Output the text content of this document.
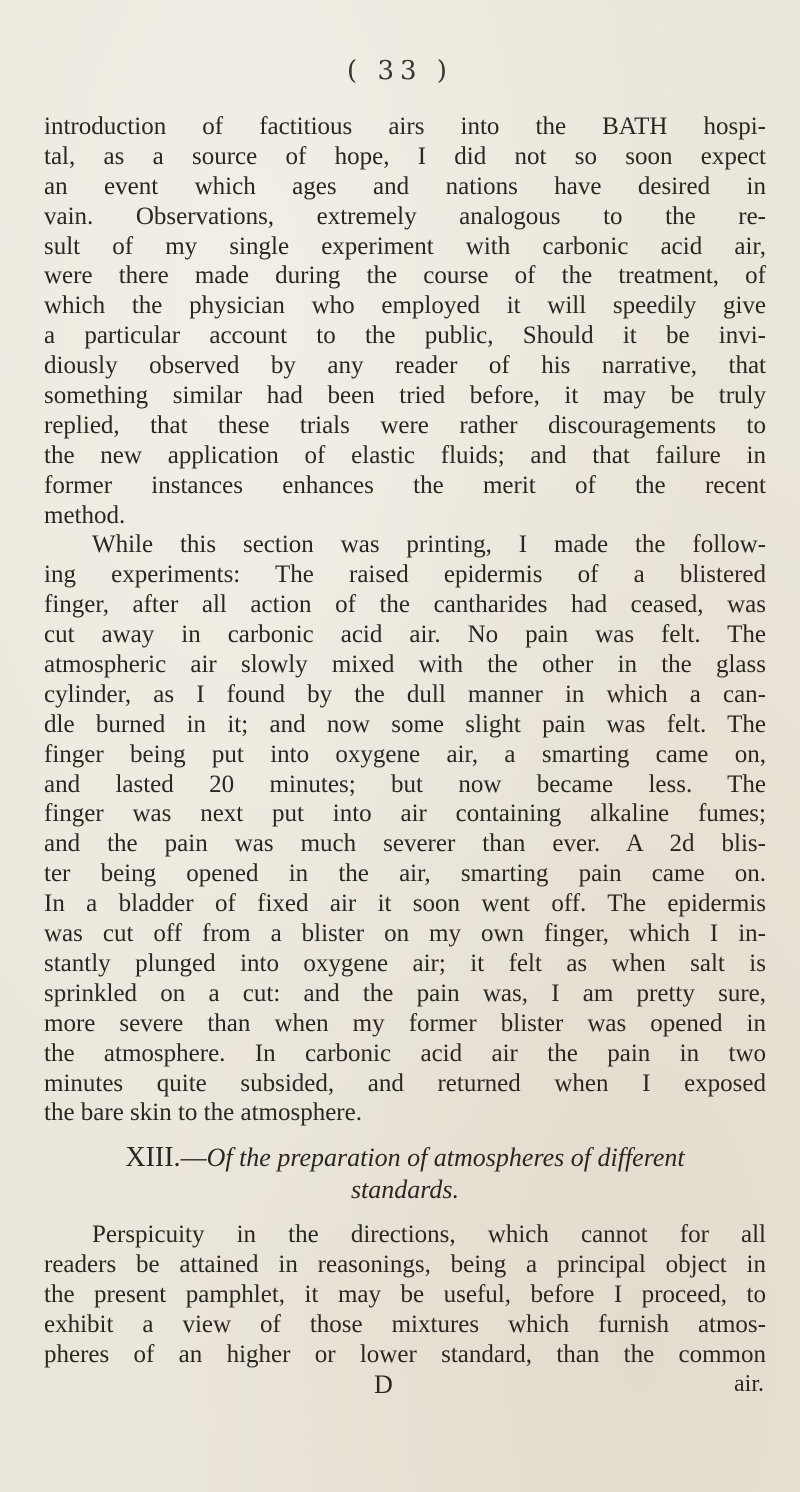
( 33 )
introduction of factitious airs into the BATH hospi-
tal, as a source of hope, I did not so soon expect
an event which ages and nations have desired in
vain. Observations, extremely analogous to the re-
sult of my single experiment with carbonic acid air,
were there made during the course of the treatment, of
which the physician who employed it will speedily give
a particular account to the public, Should it be invi-
diously observed by any reader of his narrative, that
something similar had been tried before, it may be truly
replied, that these trials were rather discouragements to
the new application of elastic fluids; and that failure in
former instances enhances the merit of the recent
method.
While this section was printing, I made the follow-
ing experiments: The raised epidermis of a blistered
finger, after all action of the cantharides had ceased, was
cut away in carbonic acid air. No pain was felt. The
atmospheric air slowly mixed with the other in the glass
cylinder, as I found by the dull manner in which a can-
dle burned in it; and now some slight pain was felt. The
finger being put into oxygene air, a smarting came on,
and lasted 20 minutes; but now became less. The
finger was next put into air containing alkaline fumes;
and the pain was much severer than ever. A 2d blis-
ter being opened in the air, smarting pain came on.
In a bladder of fixed air it soon went off. The epidermis
was cut off from a blister on my own finger, which I in-
stantly plunged into oxygene air; it felt as when salt is
sprinkled on a cut: and the pain was, I am pretty sure,
more severe than when my former blister was opened in
the atmosphere. In carbonic acid air the pain in two
minutes quite subsided, and returned when I exposed
the bare skin to the atmosphere.
XIII.—Of the preparation of atmospheres of different
standards.
Perspicuity in the directions, which cannot for all
readers be attained in reasonings, being a principal object in
the present pamphlet, it may be useful, before I proceed, to
exhibit a view of those mixtures which furnish atmos-
pheres of an higher or lower standard, than the common
D	air.
